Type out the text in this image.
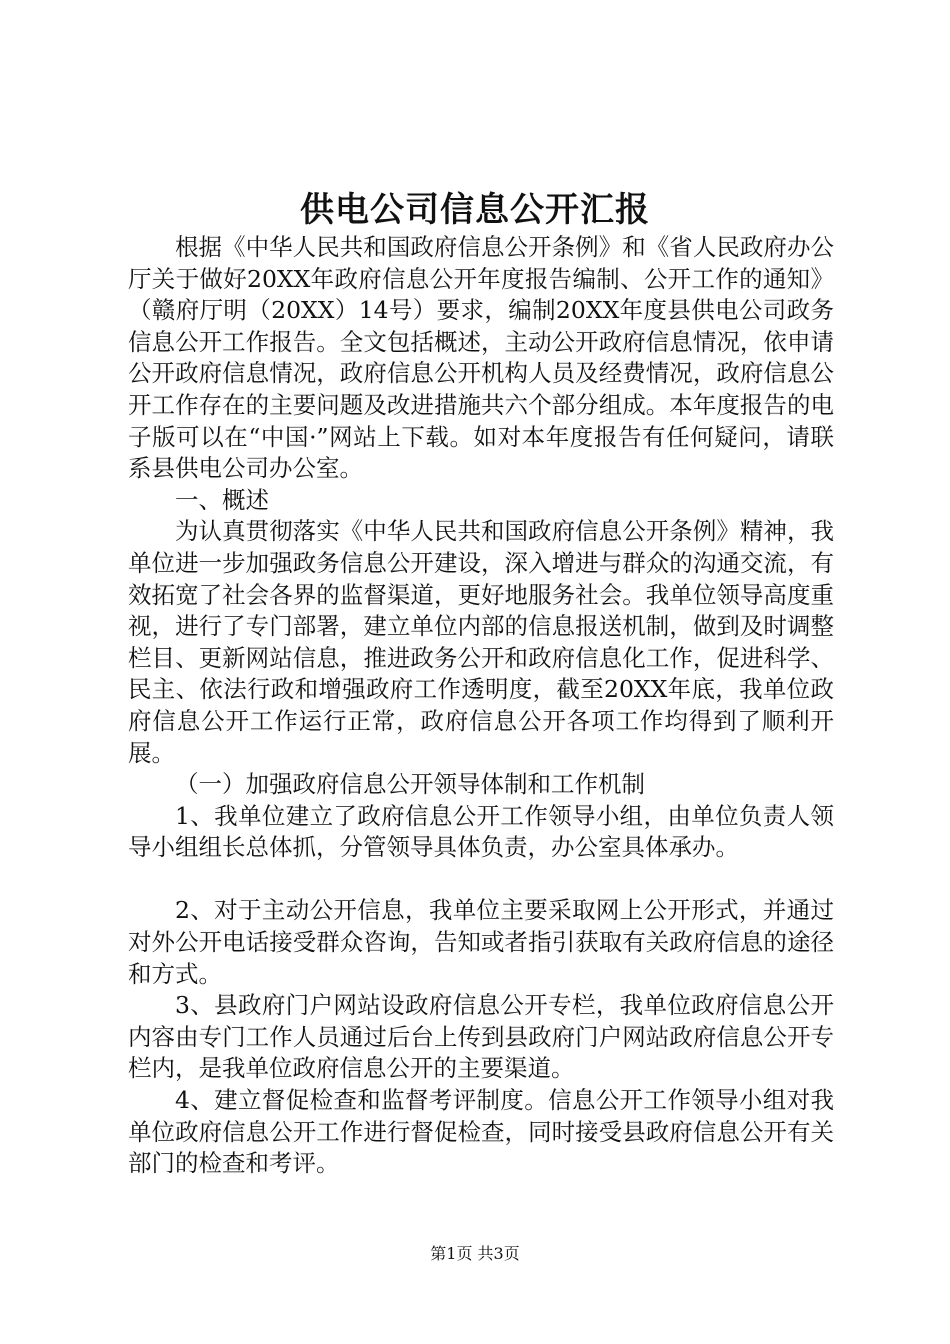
供电公司信息公开汇报

根据《中华人民共和国政府信息公开条例》和《省人民政府办公厅关于做好20XX年政府信息公开年度报告编制、公开工作的通知》（赣府厅明（20XX）14号）要求，编制20XX年度县供电公司政务信息公开工作报告。全文包括概述，主动公开政府信息情况，依申请公开政府信息情况，政府信息公开机构人员及经费情况，政府信息公开工作存在的主要问题及改进措施共六个部分组成。本年度报告的电子版可以在“中国·”网站上下载。如对本年度报告有任何疑问，请联系县供电公司办公室。

一、概述

为认真贯彻落实《中华人民共和国政府信息公开条例》精神，我单位进一步加强政务信息公开建设，深入增进与群众的沟通交流，有效拓宽了社会各界的监督渠道，更好地服务社会。我单位领导高度重视，进行了专门部署，建立单位内部的信息报送机制，做到及时调整栏目、更新网站信息，推进政务公开和政府信息化工作，促进科学、民主、依法行政和增强政府工作透明度，截至20XX年底，我单位政府信息公开工作运行正常，政府信息公开各项工作均得到了顺利开展。

（一）加强政府信息公开领导体制和工作机制

1、我单位建立了政府信息公开工作领导小组，由单位负责人领导小组组长总体抓，分管领导具体负责，办公室具体承办。

2、对于主动公开信息，我单位主要采取网上公开形式，并通过对外公开电话接受群众咨询，告知或者指引获取有关政府信息的途径和方式。

3、县政府门户网站设政府信息公开专栏，我单位政府信息公开内容由专门工作人员通过后台上传到县政府门户网站政府信息公开专栏内，是我单位政府信息公开的主要渠道。

4、建立督促检查和监督考评制度。信息公开工作领导小组对我单位政府信息公开工作进行督促检查，同时接受县政府信息公开有关部门的检查和考评。

第1页 共3页
